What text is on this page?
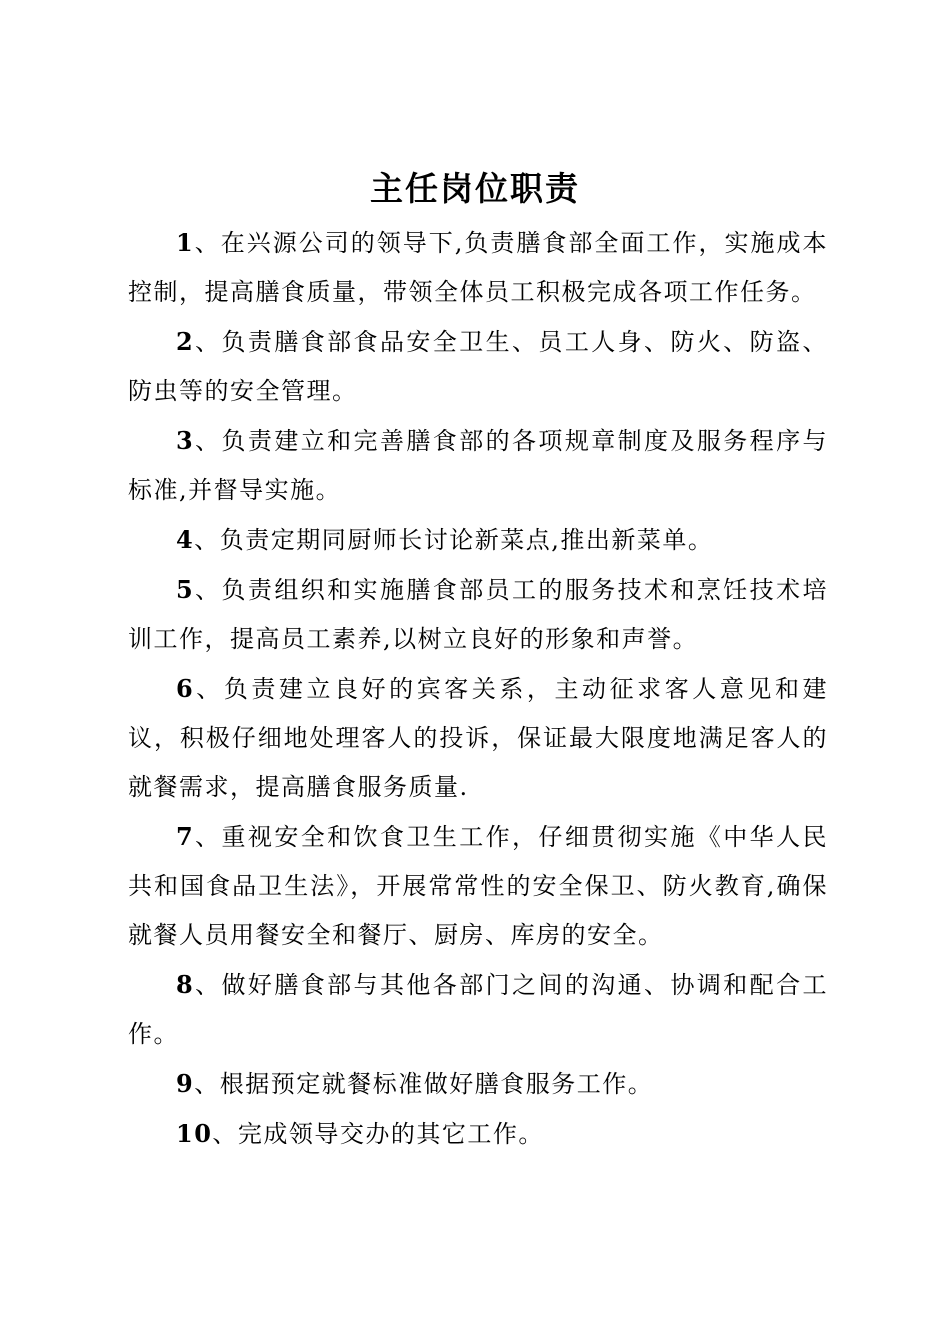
主任岗位职责

1、在兴源公司的领导下,负责膳食部全面工作，实施成本控制，提高膳食质量，带领全体员工积极完成各项工作任务。

2、负责膳食部食品安全卫生、员工人身、防火、防盗、防虫等的安全管理。

3、负责建立和完善膳食部的各项规章制度及服务程序与标准,并督导实施。

4、负责定期同厨师长讨论新菜点,推出新菜单。

5、负责组织和实施膳食部员工的服务技术和烹饪技术培训工作，提高员工素养,以树立良好的形象和声誉。

6、负责建立良好的宾客关系，主动征求客人意见和建议，积极仔细地处理客人的投诉，保证最大限度地满足客人的就餐需求，提高膳食服务质量.

7、重视安全和饮食卫生工作，仔细贯彻实施《中华人民共和国食品卫生法》，开展常常性的安全保卫、防火教育,确保就餐人员用餐安全和餐厅、厨房、库房的安全。

8、做好膳食部与其他各部门之间的沟通、协调和配合工作。

9、根据预定就餐标准做好膳食服务工作。

10、完成领导交办的其它工作。
